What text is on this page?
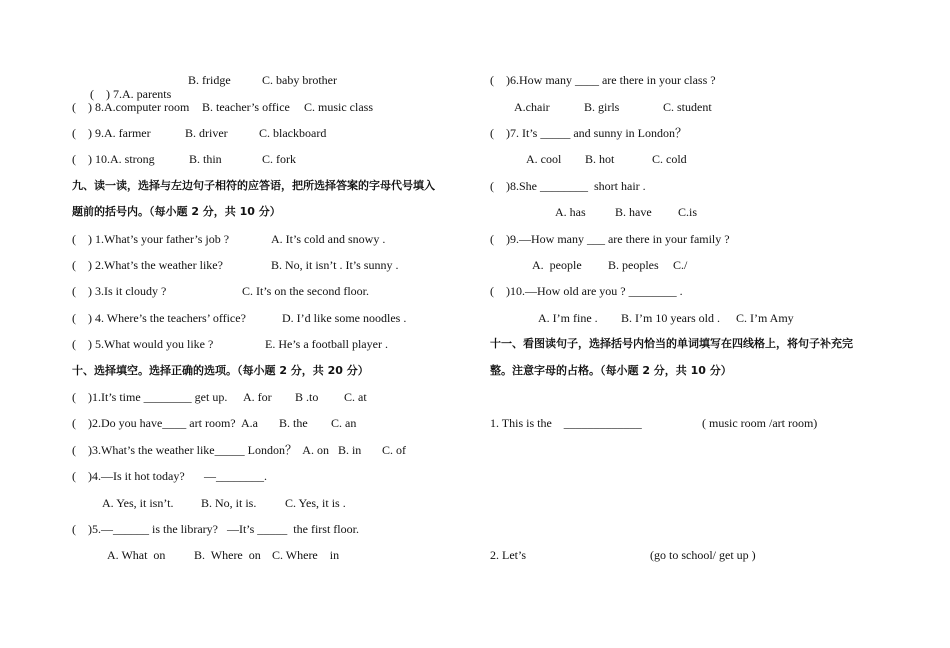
(    ) 7.A. parents

B. fridge	C. baby brother
(    ) 8.A.computer room B. teacher’s office C. music class
(    ) 9.A. farmer	B. driver	C. blackboard
(    ) 10.A. strong	B. thin	C. fork
九、读一读，选择与左边句子相符的应答语，把所选择答案的字母代号填入
题前的括号内。（每小题 2 分，共 10 分）
(    ) 1.What’s your father’s job ?	A. It’s cold and snowy .
(    ) 2.What’s the weather like?	B. No, it isn’t . It’s sunny .
(    ) 3.Is it cloudy ?	C. It’s on the second floor.
(    ) 4. Where’s the teachers’ office?	D. I’d like some noodles .
(    ) 5.What would you like ?	E. He’s a football player .
十、选择填空。选择正确的选项。（每小题 2 分，共 20 分）
(    )1.It’s time ________ get up. A. for B .to C. at
(    )2.Do you have____ art room?  A.a B. the C. an
(    )3.What’s the weather like_____ London？  A. on   B. in C. of
(    )4.—Is it hot today? —________.
A. Yes, it isn’t. B. No, it is. C. Yes, it is .
(    )5.—______ is the library?   —It’s _____  the first floor.
A. What  on B.  Where  on C. Where    in
(    )6.How many ____ are there in your class ?
A.chair	B. girls	C. student
(    )7. It’s _____ and sunny in London？
A. cool B. hot	C. cold
(    )8.She ________  short hair .
A. has B. have C.is
(    )9.—How many ___ are there in your family ?
A.  people B. peoples C./
(    )10.—How old are you ? ________ .
A. I’m fine . B. I’m 10 years old . C. I’m Amy
十一、看图读句子，选择括号内恰当的单词填写在四线格上，将句子补充完
整。注意字母的占格。（每小题 2 分，共 10 分）
1. This is the    _____________	( music room /art room)
2. Let’s	(go to school/ get up )
